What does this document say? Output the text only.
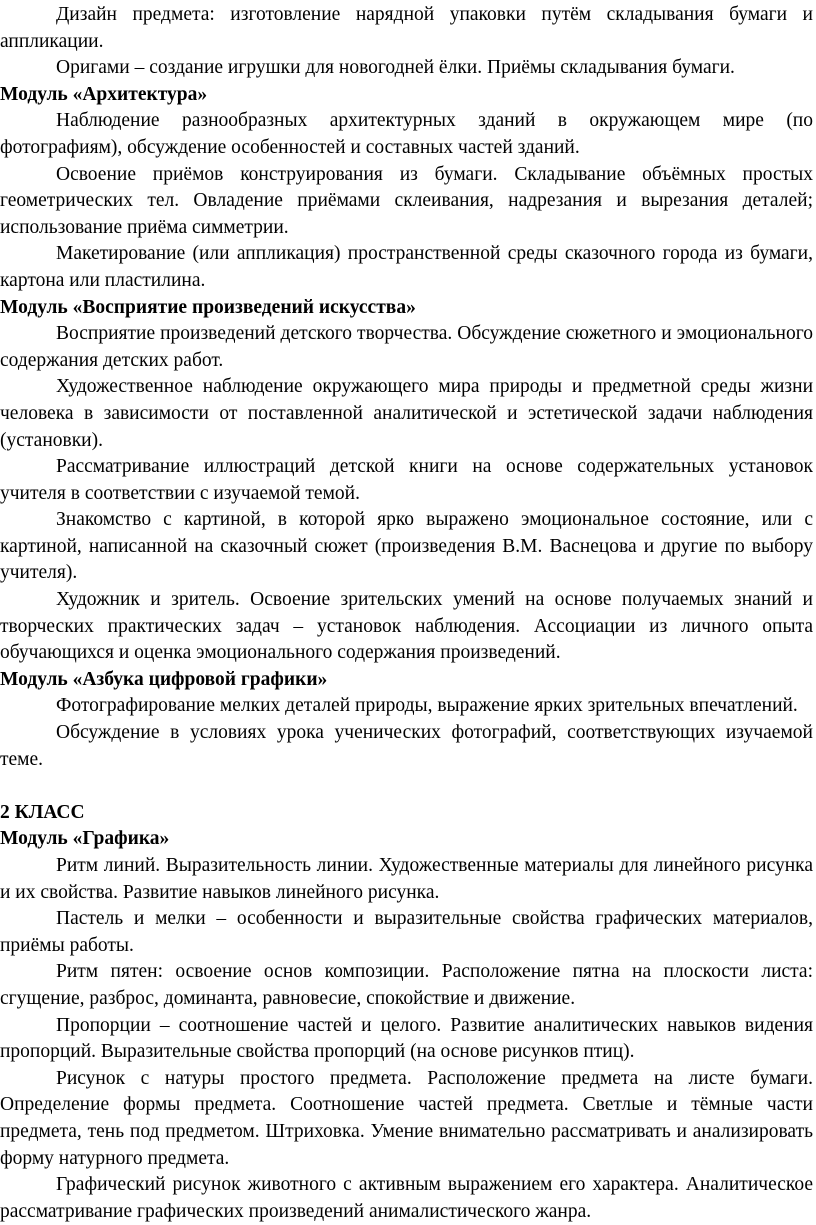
Дизайн предмета: изготовление нарядной упаковки путём складывания бумаги и аппликации.

Оригами – создание игрушки для новогодней ёлки. Приёмы складывания бумаги.

Модуль «Архитектура»

Наблюдение разнообразных архитектурных зданий в окружающем мире (по фотографиям), обсуждение особенностей и составных частей зданий.

Освоение приёмов конструирования из бумаги. Складывание объёмных простых геометрических тел. Овладение приёмами склеивания, надрезания и вырезания деталей; использование приёма симметрии.

Макетирование (или аппликация) пространственной среды сказочного города из бумаги, картона или пластилина.

Модуль «Восприятие произведений искусства»

Восприятие произведений детского творчества. Обсуждение сюжетного и эмоционального содержания детских работ.

Художественное наблюдение окружающего мира природы и предметной среды жизни человека в зависимости от поставленной аналитической и эстетической задачи наблюдения (установки).

Рассматривание иллюстраций детской книги на основе содержательных установок учителя в соответствии с изучаемой темой.

Знакомство с картиной, в которой ярко выражено эмоциональное состояние, или с картиной, написанной на сказочный сюжет (произведения В.М. Васнецова и другие по выбору учителя).

Художник и зритель. Освоение зрительских умений на основе получаемых знаний и творческих практических задач – установок наблюдения. Ассоциации из личного опыта обучающихся и оценка эмоционального содержания произведений.

Модуль «Азбука цифровой графики»

Фотографирование мелких деталей природы, выражение ярких зрительных впечатлений.

Обсуждение в условиях урока ученических фотографий, соответствующих изучаемой теме.

2 КЛАСС

Модуль «Графика»

Ритм линий. Выразительность линии. Художественные материалы для линейного рисунка и их свойства. Развитие навыков линейного рисунка.

Пастель и мелки – особенности и выразительные свойства графических материалов, приёмы работы.

Ритм пятен: освоение основ композиции. Расположение пятна на плоскости листа: сгущение, разброс, доминанта, равновесие, спокойствие и движение.

Пропорции – соотношение частей и целого. Развитие аналитических навыков видения пропорций. Выразительные свойства пропорций (на основе рисунков птиц).

Рисунок с натуры простого предмета. Расположение предмета на листе бумаги. Определение формы предмета. Соотношение частей предмета. Светлые и тёмные части предмета, тень под предметом. Штриховка. Умение внимательно рассматривать и анализировать форму натурного предмета.

Графический рисунок животного с активным выражением его характера. Аналитическое рассматривание графических произведений анималистического жанра.
